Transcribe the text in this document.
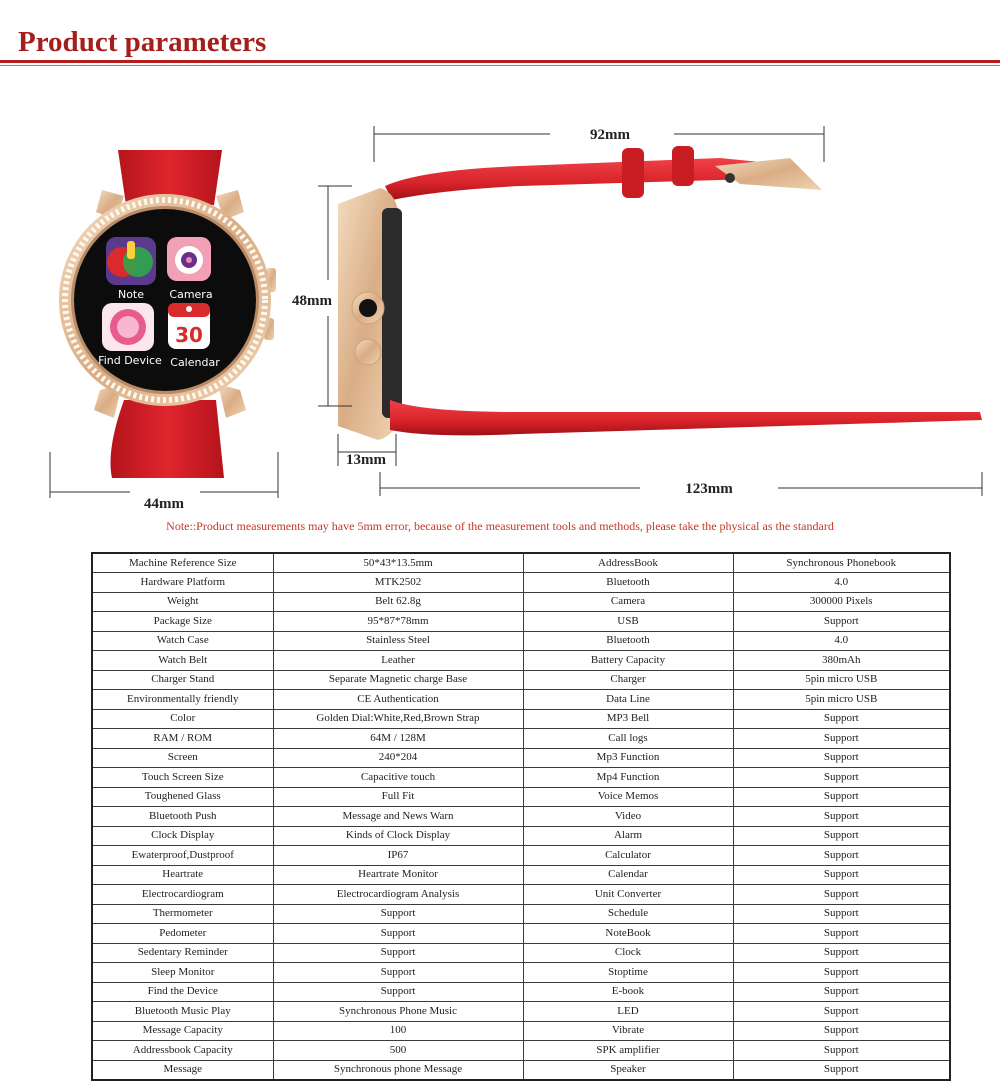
Product parameters
30
Note Camera
Find Device Calendar
44mm
92mm
48mm
13mm
123mm
Note::Product measurements may have 5mm error, because of the measurement tools and methods, please take the physical as the standard
Machine Reference Size	50*43*13.5mm	AddressBook	Synchronous Phonebook
Hardware Platform	MTK2502	Bluetooth	4.0
Weight	Belt 62.8g	Camera	300000 Pixels
Package Size	95*87*78mm	USB	Support
Watch Case	Stainless Steel	Bluetooth	4.0
Watch Belt	Leather	Battery Capacity	380mAh
Charger Stand	Separate Magnetic charge Base	Charger	5pin micro USB
Environmentally friendly	CE Authentication	Data Line	5pin micro USB
Color	Golden Dial:White,Red,Brown Strap	MP3 Bell	Support
RAM / ROM	64M / 128M	Call logs	Support
Screen	240*204	Mp3 Function	Support
Touch Screen Size	Capacitive touch	Mp4 Function	Support
Toughened Glass	Full Fit	Voice Memos	Support
Bluetooth Push	Message and News Warn	Video	Support
Clock Display	Kinds of Clock Display	Alarm	Support
Ewaterproof,Dustproof	IP67	Calculator	Support
Heartrate	Heartrate Monitor	Calendar	Support
Electrocardiogram	Electrocardiogram Analysis	Unit Converter	Support
Thermometer	Support	Schedule	Support
Pedometer	Support	NoteBook	Support
Sedentary Reminder	Support	Clock	Support
Sleep Monitor	Support	Stoptime	Support
Find the Device	Support	E-book	Support
Bluetooth Music Play	Synchronous Phone Music	LED	Support
Message Capacity	100	Vibrate	Support
Addressbook Capacity	500	SPK amplifier	Support
Message	Synchronous phone Message	Speaker	Support
